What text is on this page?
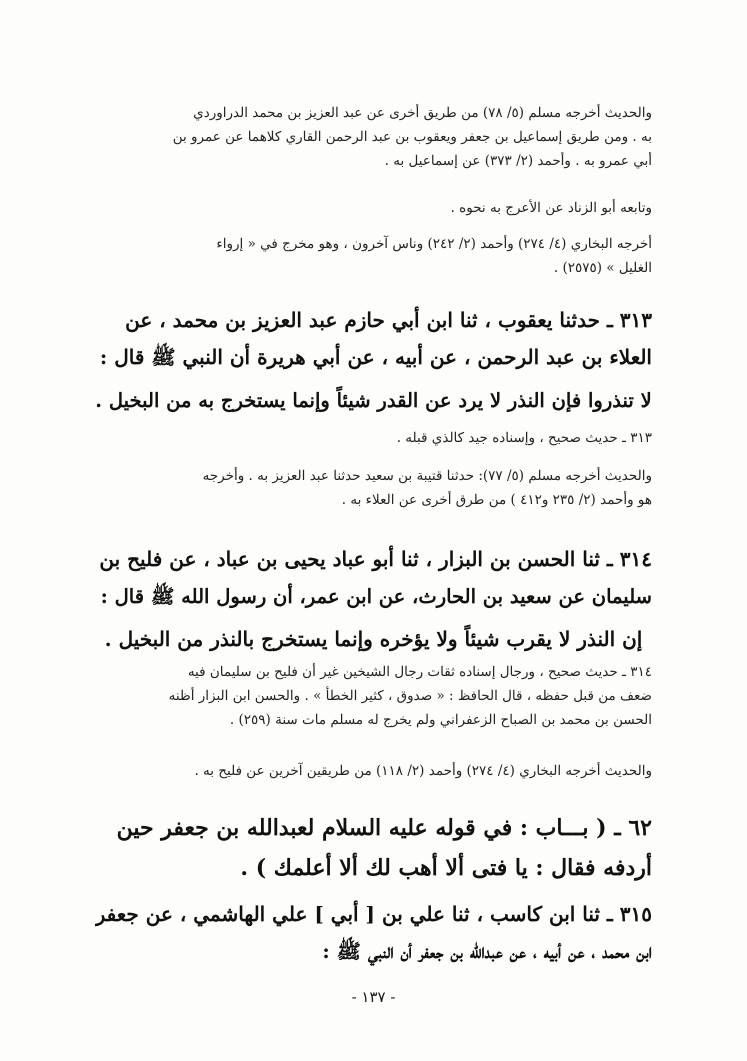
والحديث أخرجه مسلم (٥/ ٧٨) من طريق أخرى عن عبد العزيز بن محمد الدراوردي
به . ومن طريق إسماعيل بن جعفر ويعقوب بن عبد الرحمن القاري كلاهما عن عمرو بن
أبي عمرو به . وأحمد (٢/ ٣٧٣) عن إسماعيل به .
وتابعه أبو الزناد عن الأعرج به نحوه .
أخرجه البخاري (٤/ ٢٧٤) وأحمد (٢/ ٢٤٢) وناس آخرون ، وهو مخرج في « إرواء
الغليل » (٢٥٧٥) .
٣١٣ ـ حدثنا يعقوب ، ثنا ابن أبي حازم عبد العزيز بن محمد ، عن
العلاء بن عبد الرحمن ، عن أبيه ، عن أبي هريرة أن النبي ﷺ قال :
لا تنذروا فإن النذر لا يرد عن القدر شيئاً وإنما يستخرج به من البخيل .
٣١٣ ـ حديث صحيح ، وإسناده جيد كالذي قبله .
والحديث أخرجه مسلم (٥/ ٧٧): حدثنا قتيبة بن سعيد حدثنا عبد العزيز به . وأخرجه
هو وأحمد (٢/ ٢٣٥ و٤١٢ ) من طرق أخرى عن العلاء به .
٣١٤ ـ ثنا الحسن بن البزار ، ثنا أبو عباد يحيى بن عباد ، عن فليح بن
سليمان عن سعيد بن الحارث، عن ابن عمر، أن رسول الله ﷺ قال :
إن النذر لا يقرب شيئاً ولا يؤخره وإنما يستخرج بالنذر من البخيل .
٣١٤ ـ حديث صحيح ، ورجال إسناده ثقات رجال الشيخين غير أن فليح بن سليمان فيه
ضعف من قبل حفظه ، قال الحافظ : « صدوق ، كثير الخطأ » . والحسن ابن البزار أظنه
الحسن بن محمد بن الصباح الزعفراني ولم يخرج له مسلم مات سنة (٢٥٩) .
والحديث أخرجه البخاري (٤/ ٢٧٤) وأحمد (٢/ ١١٨) من طريقين آخرين عن فليح به .
٦٢ ـ ( بـــاب : في قوله عليه السلام لعبدالله بن جعفر حين
أردفه فقال : يا فتى ألا أهب لك ألا أعلمك ) .
٣١٥ ـ ثنا ابن كاسب ، ثنا علي بن [ أبي ] علي الهاشمي ، عن جعفر
ابن محمد ، عن أبيه ، عن عبدالله بن جعفر أن النبي ﷺ :
- ١٣٧ -
